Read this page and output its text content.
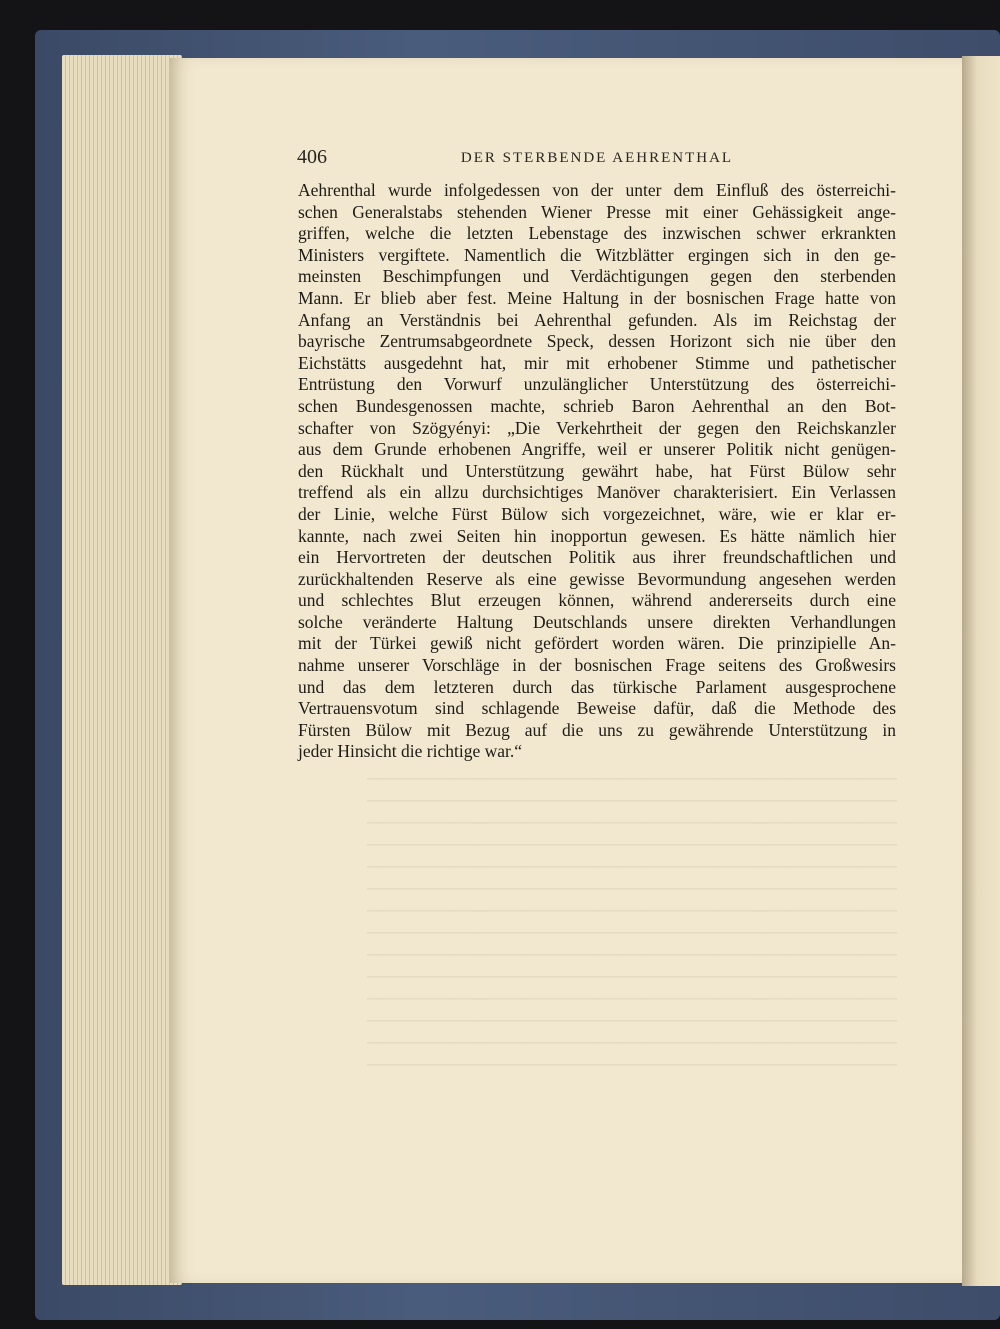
406	DER STERBENDE AEHRENTHAL
Aehrenthal wurde infolgedessen von der unter dem Einfluß des österreichi-
schen Generalstabs stehenden Wiener Presse mit einer Gehässigkeit ange-
griffen, welche die letzten Lebenstage des inzwischen schwer erkrankten
Ministers vergiftete. Namentlich die Witzblätter ergingen sich in den ge-
meinsten Beschimpfungen und Verdächtigungen gegen den sterbenden
Mann. Er blieb aber fest. Meine Haltung in der bosnischen Frage hatte von
Anfang an Verständnis bei Aehrenthal gefunden. Als im Reichstag der
bayrische Zentrumsabgeordnete Speck, dessen Horizont sich nie über den
Eichstätts ausgedehnt hat, mir mit erhobener Stimme und pathetischer
Entrüstung den Vorwurf unzulänglicher Unterstützung des österreichi-
schen Bundesgenossen machte, schrieb Baron Aehrenthal an den Bot-
schafter von Szögyényi: „Die Verkehrtheit der gegen den Reichskanzler
aus dem Grunde erhobenen Angriffe, weil er unserer Politik nicht genügen-
den Rückhalt und Unterstützung gewährt habe, hat Fürst Bülow sehr
treffend als ein allzu durchsichtiges Manöver charakterisiert. Ein Verlassen
der Linie, welche Fürst Bülow sich vorgezeichnet, wäre, wie er klar er-
kannte, nach zwei Seiten hin inopportun gewesen. Es hätte nämlich hier
ein Hervortreten der deutschen Politik aus ihrer freundschaftlichen und
zurückhaltenden Reserve als eine gewisse Bevormundung angesehen werden
und schlechtes Blut erzeugen können, während andererseits durch eine
solche veränderte Haltung Deutschlands unsere direkten Verhandlungen
mit der Türkei gewiß nicht gefördert worden wären. Die prinzipielle An-
nahme unserer Vorschläge in der bosnischen Frage seitens des Großwesirs
und das dem letzteren durch das türkische Parlament ausgesprochene
Vertrauensvotum sind schlagende Beweise dafür, daß die Methode des
Fürsten Bülow mit Bezug auf die uns zu gewährende Unterstützung in
jeder Hinsicht die richtige war.“
